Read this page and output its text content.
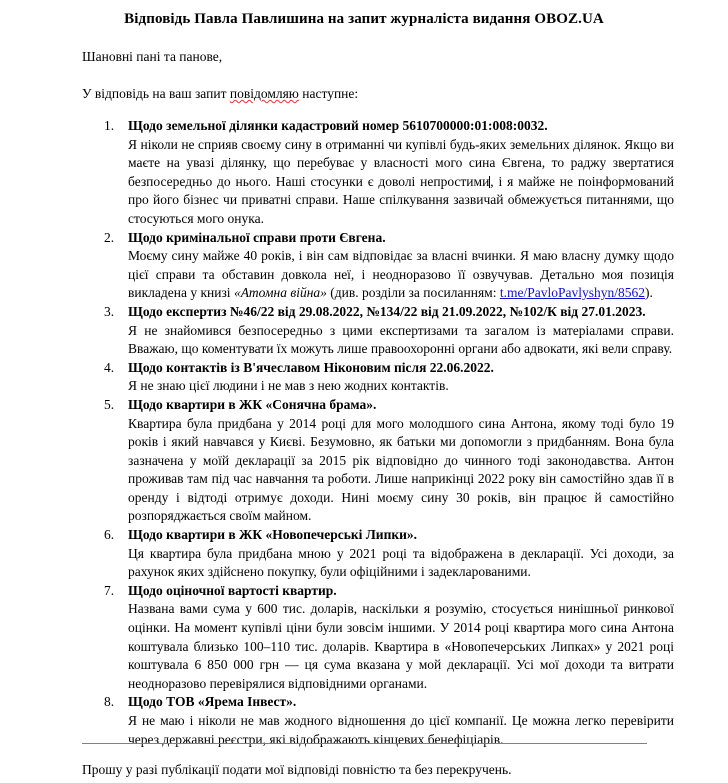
Відповідь Павла Павлишина на запит журналіста видання OBOZ.UA

Шановні пані та панове,

У відповідь на ваш запит повідомляю наступне:

Щодо земельної ділянки кадастровий номер 5610700000:01:008:0032.
Я ніколи не сприяв своєму сину в отриманні чи купівлі будь-яких земельних ділянок. Якщо ви маєте на увазі ділянку, що перебуває у власності мого сина Євгена, то раджу звертатися безпосередньо до нього. Наші стосунки є доволі непростими, і я майже не поінформований про його бізнес чи приватні справи. Наше спілкування зазвичай обмежується питаннями, що стосуються мого онука.
Щодо кримінальної справи проти Євгена.
Моєму сину майже 40 років, і він сам відповідає за власні вчинки. Я маю власну думку щодо цієї справи та обставин довкола неї, і неодноразово її озвучував. Детально моя позиція викладена у книзі «Атомна війна» (див. розділи за посиланням: t.me/PavloPavlyshyn/8562).
Щодо експертиз №46/22 від 29.08.2022, №134/22 від 21.09.2022, №102/К від 27.01.2023.
Я не знайомився безпосередньо з цими експертизами та загалом із матеріалами справи. Вважаю, що коментувати їх можуть лише правоохоронні органи або адвокати, які вели справу.
Щодо контактів із В'ячеславом Ніконовим після 22.06.2022.
Я не знаю цієї людини і не мав з нею жодних контактів.
Щодо квартири в ЖК «Сонячна брама».
Квартира була придбана у 2014 році для мого молодшого сина Антона, якому тоді було 19 років і який навчався у Києві. Безумовно, як батьки ми допомогли з придбанням. Вона була зазначена у моїй декларації за 2015 рік відповідно до чинного тоді законодавства. Антон проживав там під час навчання та роботи. Лише наприкінці 2022 року він самостійно здав її в оренду і відтоді отримує доходи. Нині моєму сину 30 років, він працює й самостійно розпоряджається своїм майном.
Щодо квартири в ЖК «Новопечерські Липки».
Ця квартира була придбана мною у 2021 році та відображена в декларації. Усі доходи, за рахунок яких здійснено покупку, були офіційними і задекларованими.
Щодо оціночної вартості квартир.
Названа вами сума у 600 тис. доларів, наскільки я розумію, стосується нинішньої ринкової оцінки. На момент купівлі ціни були зовсім іншими. У 2014 році квартира мого сина Антона коштувала близько 100–110 тис. доларів. Квартира в «Новопечерських Липках» у 2021 році коштувала 6 850 000 грн — ця сума вказана у мой декларації. Усі мої доходи та витрати неодноразово перевірялися відповідними органами.
Щодо ТОВ «Ярема Інвест».
Я не маю і ніколи не мав жодного відношення до цієї компанії. Це можна легко перевірити через державні реєстри, які відображають кінцевих бенефіціарів.

Прошу у разі публікації подати мої відповіді повністю та без перекручень.
